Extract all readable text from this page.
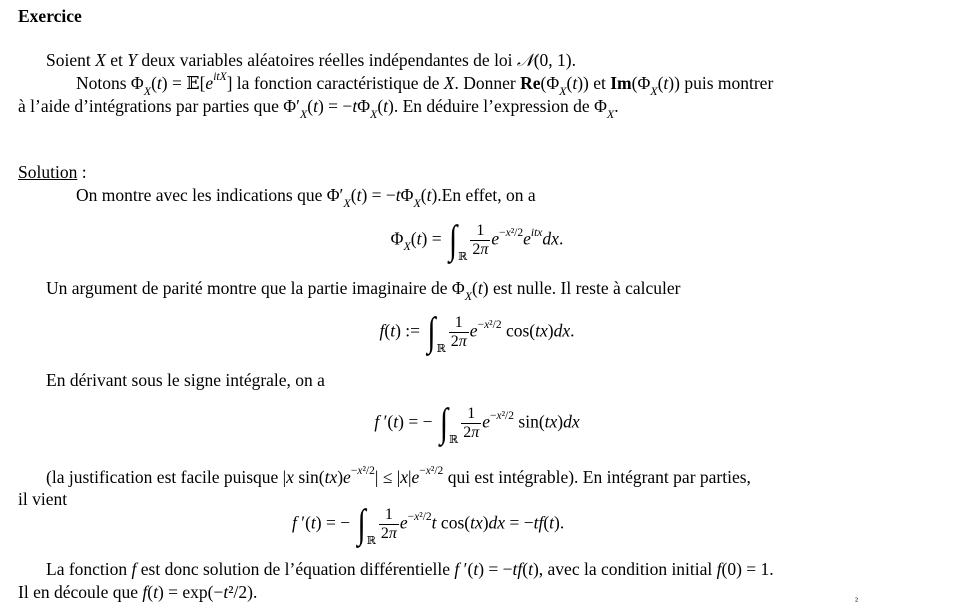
Exercice
Soient X et Y deux variables aléatoires réelles indépendantes de loi 𝒩(0, 1).
Notons $\Phi_X(t)$ = $𝔼[e^{itX}]$ la fonction caractéristique de X. Donner $Re(\Phi_X(t))$ et $Im(\Phi_X(t))$ puis montrer
à l’aide d’intégrations par parties que $\Phi'_X(t) = -t\Phi_X(t)$. En déduire l’expression de $\Phi_X$.
Solution :
On montre avec les indications que $\Phi'_X(t) = -t\Phi_X(t).En$ effet, on a
$\Phi_X(t)$ = ∫ℝ $\frac{1}{2\pi} e^{-x^2/2}e^{itx}dx$.
Un argument de parité montre que la partie imaginaire de $\Phi_X(t)$ est nulle. Il reste à calculer
f(t) := ∫ℝ $\frac{1}{2\pi} e^{-x^2/2}$ cos(tx)dx.
En dérivant sous le signe intégrale, on a
f ′(t) = − ∫ℝ $\frac{1}{2\pi} e^{-x^2/2}$ sin(tx)dx
(la justification est facile puisque |x $\sin(tx)e^{-x^2/2}| \le |x|e^{-x^2/2}$ qui est intégrable). En intégrant par parties,
il vient
f ′(t) = − ∫ℝ $\frac{1}{2\pi} e^{-x^2/2}t$ cos(tx)dx = −tf(t).
La fonction f est donc solution de l’équation différentielle f ′(t) = −tf(t), avec la condition initial f(0) = 1.
Il en découle que f(t) = exp(−t²/2).	²
